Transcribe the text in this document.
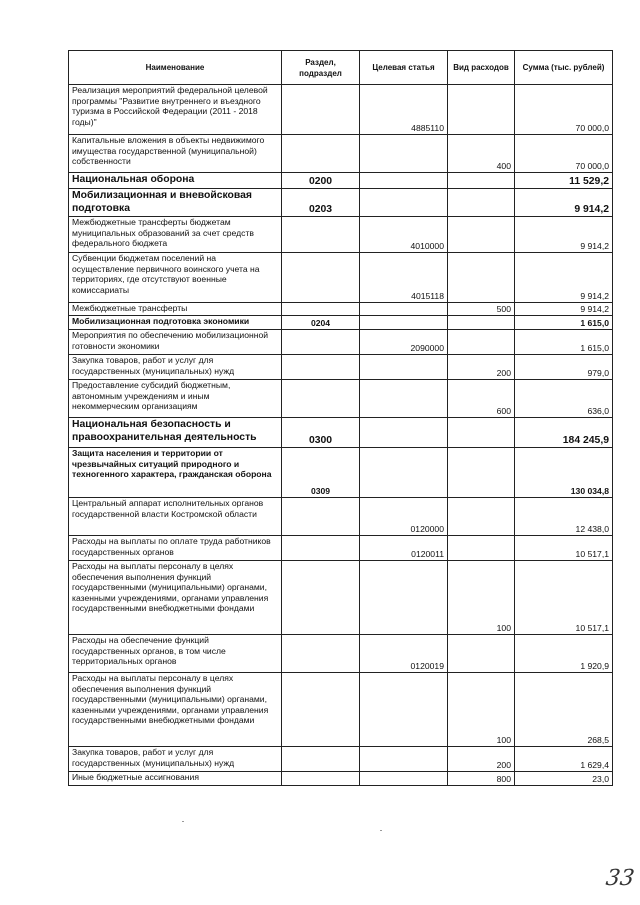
Наименование	Раздел, подраздел	Целевая статья	Вид расходов	Сумма (тыс. рублей)
Реализация мероприятий федеральной целевой программы "Развитие внутреннего и въездного туризма в Российской Федерации (2011 - 2018 годы)"		4885110		70 000,0
Капитальные вложения в объекты недвижимого имущества государственной (муниципальной) собственности			400	70 000,0
Национальная оборона	0200			11 529,2
Мобилизационная и вневойсковая подготовка	0203			9 914,2
Межбюджетные трансферты бюджетам муниципальных образований за счет средств федерального бюджета		4010000		9 914,2
Субвенции бюджетам поселений на осуществление первичного воинского учета на территориях, где отсутствуют военные комиссариаты		4015118		9 914,2
Межбюджетные трансферты			500	9 914,2
Мобилизационная подготовка экономики	0204			1 615,0
Мероприятия по обеспечению мобилизационной готовности экономики		2090000		1 615,0
Закупка товаров, работ и услуг для государственных (муниципальных) нужд			200	979,0
Предоставление субсидий бюджетным, автономным учреждениям и иным некоммерческим организациям			600	636,0
Национальная безопасность и правоохранительная деятельность	0300			184 245,9
Защита населения и территории от чрезвычайных ситуаций природного и техногенного характера, гражданская оборона	0309			130 034,8
Центральный аппарат исполнительных органов государственной власти Костромской области		0120000		12 438,0
Расходы на выплаты по оплате труда работников государственных органов		0120011		10 517,1
Расходы на выплаты персоналу в целях обеспечения выполнения функций государственными (муниципальными) органами, казенными учреждениями, органами управления государственными внебюджетными фондами			100	10 517,1
Расходы на обеспечение функций государственных органов, в том числе территориальных органов		0120019		1 920,9
Расходы на выплаты персоналу в целях обеспечения выполнения функций государственными (муниципальными) органами, казенными учреждениями, органами управления государственными внебюджетными фондами			100	268,5
Закупка товаров, работ и услуг для государственных (муниципальных) нужд			200	1 629,4
Иные бюджетные ассигнования			800	23,0
33
